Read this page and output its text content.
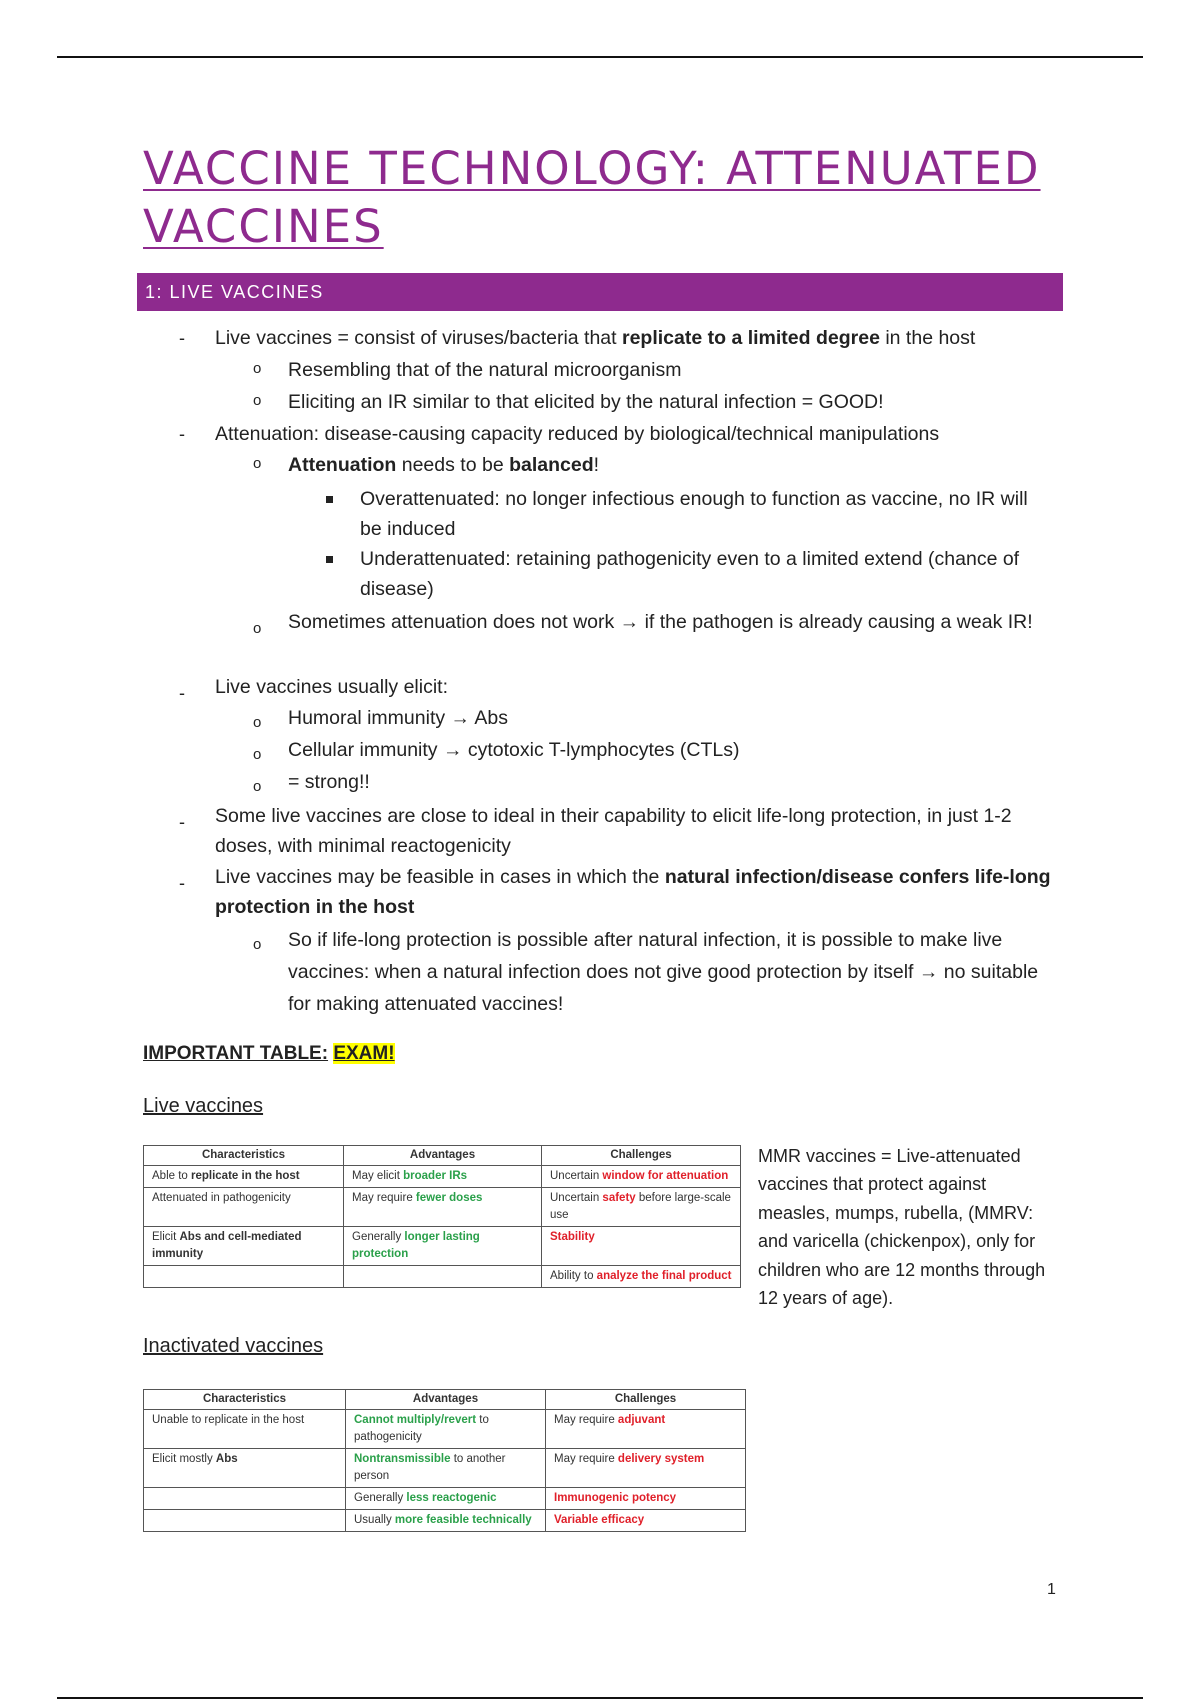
VACCINE TECHNOLOGY: ATTENUATED VACCINES
1: LIVE VACCINES
- Live vaccines = consist of viruses/bacteria that replicate to a limited degree in the host
o Resembling that of the natural microorganism
o Eliciting an IR similar to that elicited by the natural infection = GOOD!
- Attenuation: disease-causing capacity reduced by biological/technical manipulations
o Attenuation needs to be balanced!
Overattenuated: no longer infectious enough to function as vaccine, no IR will be induced
Underattenuated: retaining pathogenicity even to a limited extend (chance of disease)
o Sometimes attenuation does not work → if the pathogen is already causing a weak IR!
- Live vaccines usually elicit:
o Humoral immunity → Abs
o Cellular immunity → cytotoxic T-lymphocytes (CTLs)
o = strong!!
- Some live vaccines are close to ideal in their capability to elicit life-long protection, in just 1-2 doses, with minimal reactogenicity
- Live vaccines may be feasible in cases in which the natural infection/disease confers life-long protection in the host
o So if life-long protection is possible after natural infection, it is possible to make live vaccines: when a natural infection does not give good protection by itself → no suitable for making attenuated vaccines!
IMPORTANT TABLE: EXAM!
Live vaccines
Characteristics	Advantages	Challenges
Able to replicate in the host	May elicit broader IRs	Uncertain window for attenuation
Attenuated in pathogenicity	May require fewer doses	Uncertain safety before large-scale use
Elicit Abs and cell-mediated immunity	Generally longer lasting protection	Stability
		Ability to analyze the final product
MMR vaccines = Live-attenuated vaccines that protect against measles, mumps, rubella, (MMRV: and varicella (chickenpox), only for children who are 12 months through 12 years of age).
Inactivated vaccines
Characteristics	Advantages	Challenges
Unable to replicate in the host	Cannot multiply/revert to pathogenicity	May require adjuvant
Elicit mostly Abs	Nontransmissible to another person	May require delivery system
	Generally less reactogenic	Immunogenic potency
	Usually more feasible technically	Variable efficacy
1
